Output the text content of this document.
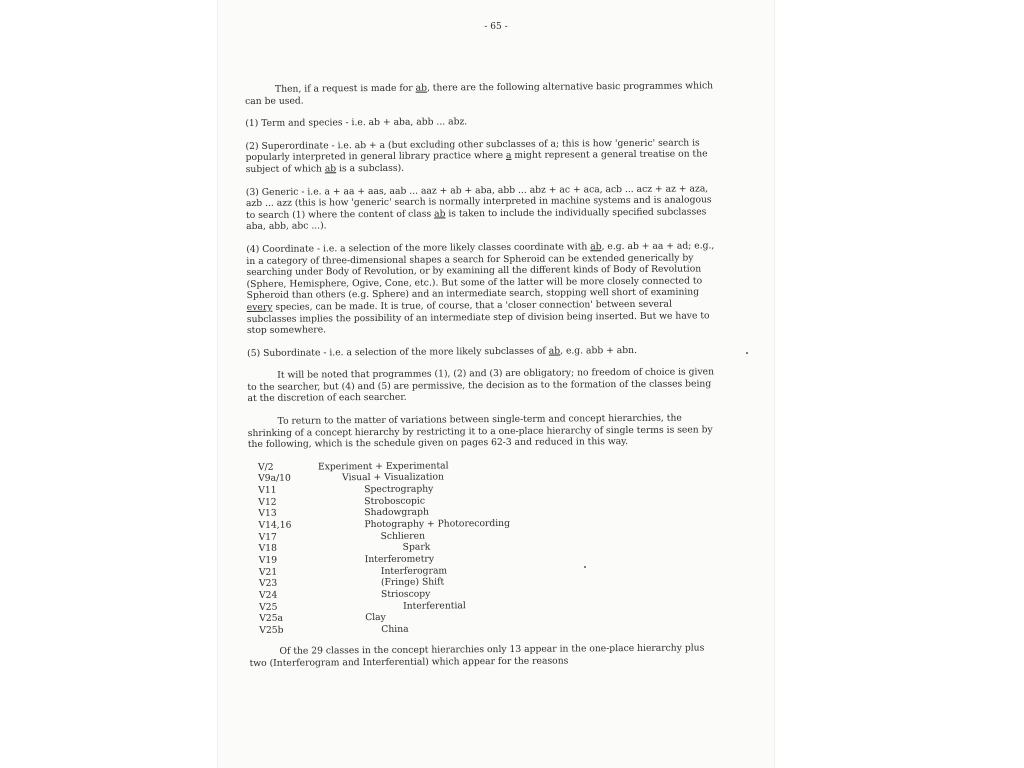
- 65 -

Then, if a request is made for ab, there are the following alternative basic programmes which can be used.

(1) Term and species - i.e. ab + aba, abb ... abz.

(2) Superordinate - i.e. ab + a (but excluding other subclasses of a; this is how 'generic' search is popularly interpreted in general library practice where a might represent a general treatise on the subject of which ab is a subclass).

(3) Generic - i.e. a + aa + aas, aab ... aaz + ab + aba, abb ... abz + ac + aca, acb ... acz + az + aza, azb ... azz (this is how 'generic' search is normally interpreted in machine systems and is analogous to search (1) where the content of class ab is taken to include the individually specified subclasses aba, abb, abc ...).

(4) Coordinate - i.e. a selection of the more likely classes coordinate with ab, e.g. ab + aa + ad; e.g., in a category of three-dimensional shapes a search for Spheroid can be extended generically by searching under Body of Revolution, or by examining all the different kinds of Body of Revolution (Sphere, Hemisphere, Ogive, Cone, etc.). But some of the latter will be more closely connected to Spheroid than others (e.g. Sphere) and an intermediate search, stopping well short of examining every species, can be made. It is true, of course, that a 'closer connection' between several subclasses implies the possibility of an intermediate step of division being inserted. But we have to stop somewhere.

(5) Subordinate - i.e. a selection of the more likely subclasses of ab, e.g. abb + abn.

It will be noted that programmes (1), (2) and (3) are obligatory; no freedom of choice is given to the searcher, but (4) and (5) are permissive, the decision as to the formation of the classes being at the discretion of each searcher.

To return to the matter of variations between single-term and concept hierarchies, the shrinking of a concept hierarchy by restricting it to a one-place hierarchy of single terms is seen by the following, which is the schedule given on pages 62-3 and reduced in this way.

V/2	Experiment + Experimental
V9a/10	Visual + Visualization
V11	Spectrography
V12	Stroboscopic
V13	Shadowgraph
V14,16	Photography + Photorecording
V17	Schlieren
V18	Spark
V19	Interferometry
V21	Interferogram
V23	(Fringe) Shift
V24	Strioscopy
V25	Interferential
V25a	Clay
V25b	China

Of the 29 classes in the concept hierarchies only 13 appear in the one-place hierarchy plus two (Interferogram and Interferential) which appear for the reasons
